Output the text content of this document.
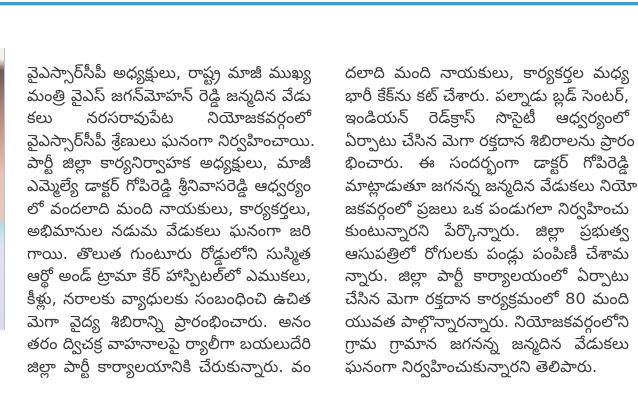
వైఎస్సార్‌సీపీ అధ్యక్షులు, రాష్ట్ర మాజీ ముఖ్య
మంత్రి వైఎస్ జగన్‌మోహన్ రెడ్డి జన్మదిన వేడు
కలు నరసరావుపేట నియోజకవర్గంలో
వైఎస్సార్‌సీపీ శ్రేణులు ఘనంగా నిర్వహించాయి.
పార్టీ జిల్లా కార్యనిర్వాహక అధ్యక్షులు, మాజీ
ఎమ్మెల్యే డాక్టర్ గోపిరెడ్డి శ్రీనివాసరెడ్డి ఆధ్వర్యం
లో వందలాది మంది నాయకులు, కార్యకర్తలు,
అభిమానుల నడుమ వేడుకలు ఘనంగా జరి
గాయి. తొలుత గుంటూరు రోడ్డులోని సుస్మిత
ఆర్థో అండ్ ట్రామా కేర్ హాస్పిటల్‌లో ఎముకలు,
కీళ్లు, నరాలకు వ్యాధులకు సంబంధించి ఉచిత
మెగా వైద్య శిబిరాన్ని ప్రారంభించారు. అనం
తరం ద్విచక్ర వాహనాలపై ర్యాలీగా బయలుదేరి
జిల్లా పార్టీ కార్యాలయానికి చేరుకున్నారు. వం
దలాది మంది నాయకులు, కార్యకర్తల మధ్య
భారీ కేక్‌ను కట్ చేశారు. పల్నాడు బ్లడ్ సెంటర్,
ఇండియన్ రెడ్‌క్రాస్ సొసైటీ ఆధ్వర్యంలో
ఏర్పాటు చేసిన మెగా రక్తదాన శిబిరాలను ప్రారం
భించారు. ఈ సందర్భంగా డాక్టర్ గోపిరెడ్డి
మాట్లాడుతూ జగనన్న జన్మదిన వేడుకలు నియో
జకవర్గంలో ప్రజలు ఒక పండుగలా నిర్వహించు
కుంటున్నారని పేర్కొన్నారు. జిల్లా ప్రభుత్వ
ఆసుపత్రిలో రోగులకు పండ్లు పంపిణీ చేశామ
న్నారు. జిల్లా పార్టీ కార్యాలయంలో ఏర్పాటు
చేసిన మెగా రక్తదాన కార్యక్రమంలో 80 మంది
యువత పాల్గొన్నారన్నారు. నియోజకవర్గంలోని
గ్రామ గ్రామాన జగనన్న జన్మదిన వేడుకలు
ఘనంగా నిర్వహించుకున్నారని తెలిపారు.
